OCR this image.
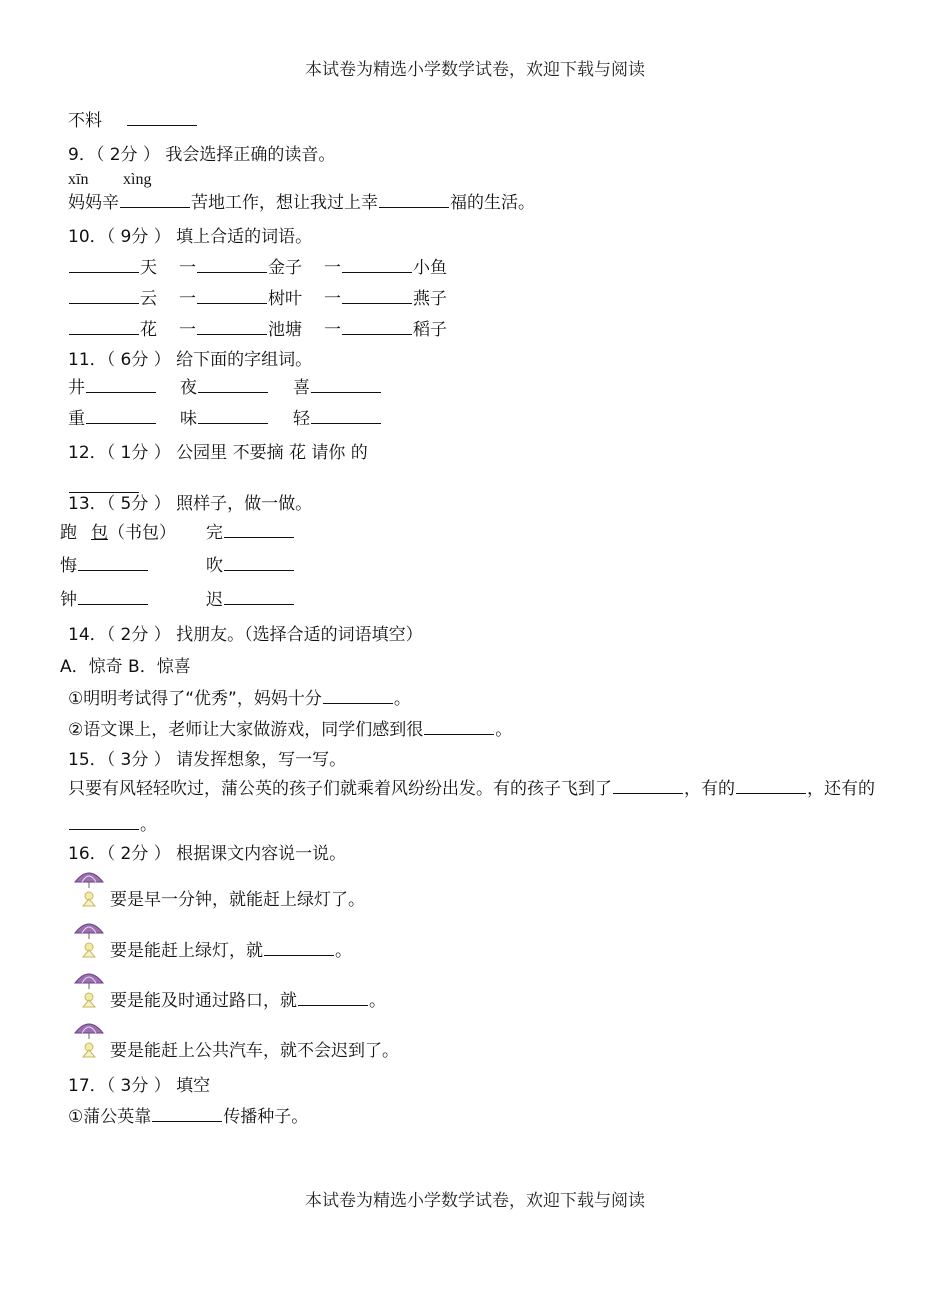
本试卷为精选小学数学试卷，欢迎下载与阅读
不料
9．（ 2分 ） 我会选择正确的读音。
xīn xìng
妈妈辛	苦地工作，想让我过上幸	福的生活。
10．（ 9分 ） 填上合适的词语。
天 一	金子 一	小鱼
云 一	树叶 一	燕子
花 一	池塘 一	稻子
11．（ 6分 ） 给下面的字组词。
井	夜	喜
重	味	轻
12．（ 1分 ） 公园里 不要摘 花 请你 的
13．（ 5分 ） 照样子，做一做。
跑 包（书包） 完
悔	吹
钟	迟
14．（ 2分 ） 找朋友。（选择合适的词语填空）
A．惊奇 B．惊喜
①明明考试得了“优秀”，妈妈十分	。
②语文课上，老师让大家做游戏，同学们感到很	。
15．（ 3分 ） 请发挥想象，写一写。
只要有风轻轻吹过，蒲公英的孩子们就乘着风纷纷出发。有的孩子飞到了	，有的	，还有的
。
16．（ 2分 ） 根据课文内容说一说。
要是早一分钟，就能赶上绿灯了。
要是能赶上绿灯，就	。
要是能及时通过路口，就	。
要是能赶上公共汽车，就不会迟到了。
17．（ 3分 ） 填空
①蒲公英靠	传播种子。
本试卷为精选小学数学试卷，欢迎下载与阅读
